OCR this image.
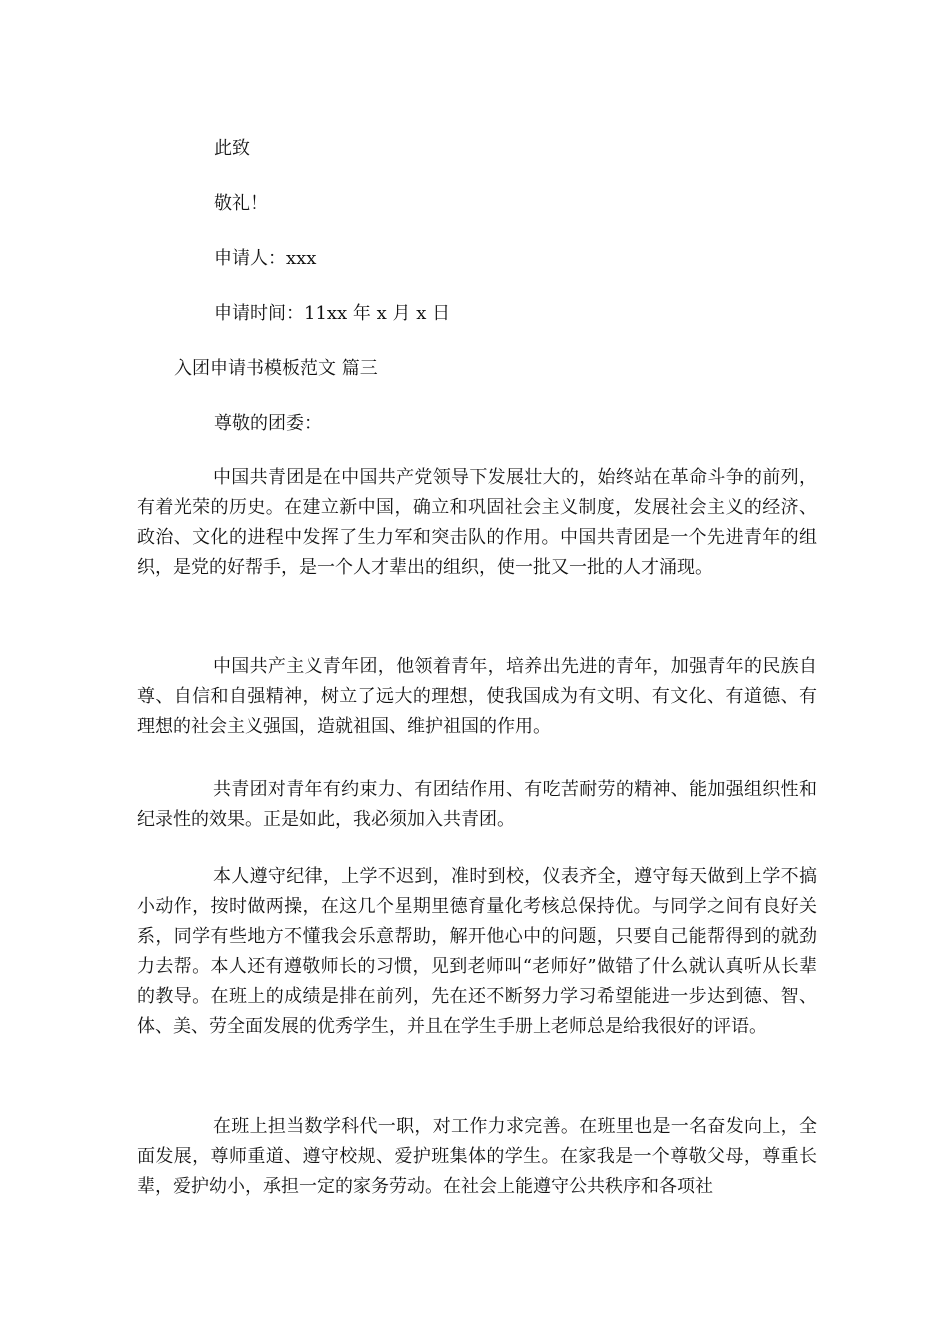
此致
敬礼！
申请人：xxx
申请时间：11xx 年 x 月 x 日
入团申请书模板范文 篇三
尊敬的团委：

中国共青团是在中国共产党领导下发展壮大的，始终站在革命斗争的前列，有着光荣的历史。在建立新中国，确立和巩固社会主义制度，发展社会主义的经济、政治、文化的进程中发挥了生力军和突击队的作用。中国共青团是一个先进青年的组织，是党的好帮手，是一个人才辈出的组织，使一批又一批的人才涌现。

中国共产主义青年团，他领着青年，培养出先进的青年，加强青年的民族自尊、自信和自强精神，树立了远大的理想，使我国成为有文明、有文化、有道德、有理想的社会主义强国，造就祖国、维护祖国的作用。

共青团对青年有约束力、有团结作用、有吃苦耐劳的精神、能加强组织性和纪录性的效果。正是如此，我必须加入共青团。

本人遵守纪律，上学不迟到，准时到校，仪表齐全，遵守每天做到上学不搞小动作，按时做两操，在这几个星期里德育量化考核总保持优。与同学之间有良好关系，同学有些地方不懂我会乐意帮助，解开他心中的问题，只要自己能帮得到的就劲力去帮。本人还有遵敬师长的习惯，见到老师叫“老师好”做错了什么就认真听从长辈的教导。在班上的成绩是排在前列，先在还不断努力学习希望能进一步达到德、智、体、美、劳全面发展的优秀学生，并且在学生手册上老师总是给我很好的评语。

在班上担当数学科代一职，对工作力求完善。在班里也是一名奋发向上，全面发展，尊师重道、遵守校规、爱护班集体的学生。在家我是一个尊敬父母，尊重长辈，爱护幼小，承担一定的家务劳动。在社会上能遵守公共秩序和各项社
